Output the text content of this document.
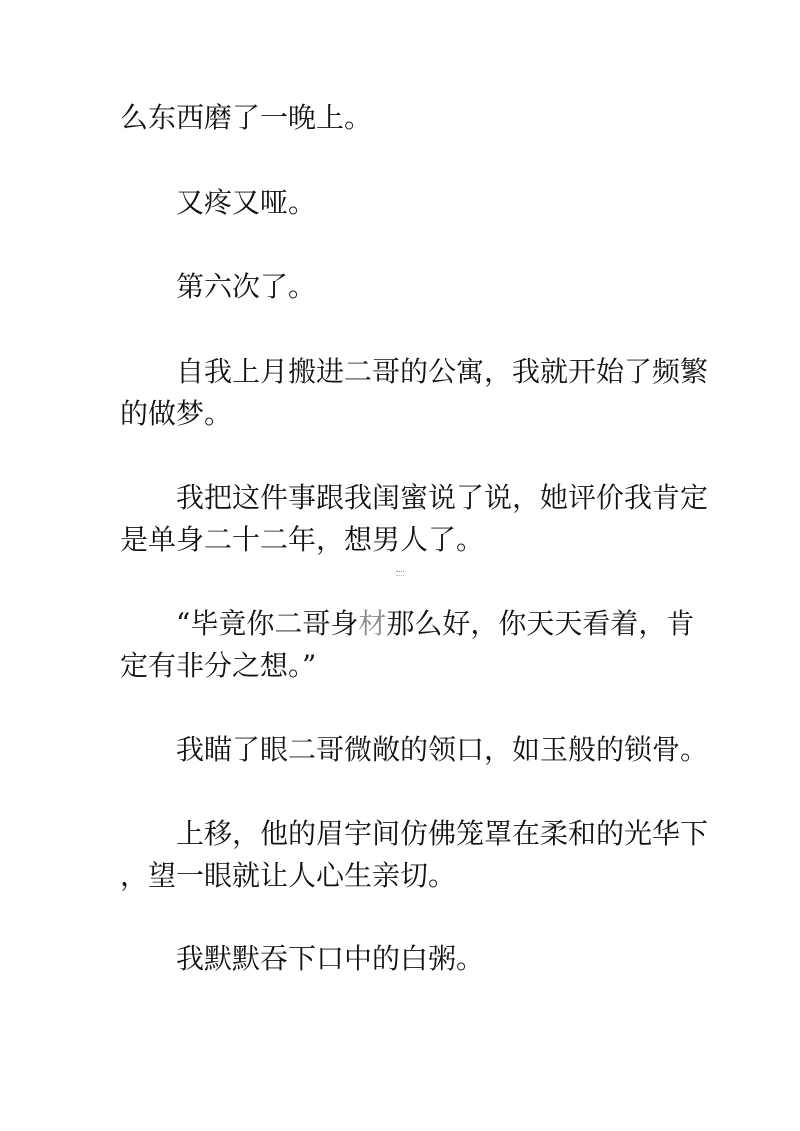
么东西磨了一晚上。
又疼又哑。
第六次了。
自我上月搬进二哥的公寓，我就开始了频繁
的做梦。
我把这件事跟我闺蜜说了说，她评价我肯定
是单身二十二年，想男人了。
“毕竟你二哥身材那么好，你天天看着，肯
定有非分之想。”
我瞄了眼二哥微敞的领口，如玉般的锁骨。
上移，他的眉宇间仿佛笼罩在柔和的光华下
，望一眼就让人心生亲切。
我默默吞下口中的白粥。
